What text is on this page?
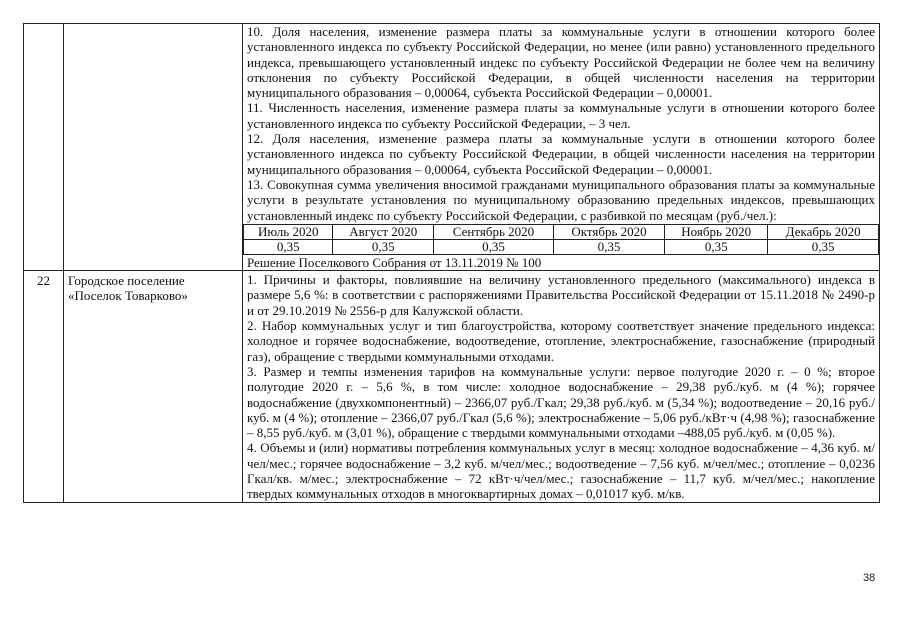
10. Доля населения, изменение размера платы за коммунальные услуги в отношении которого более установленного индекса по субъекту Российской Федерации, но менее (или равно) установленного предельного индекса, превышающего установленный индекс по субъекту Российской Федерации не более чем на величину отклонения по субъекту Российской Федерации, в общей численности населения на территории муниципального образования – 0,00064, субъекта Российской Федерации – 0,00001.
11. Численность населения, изменение размера платы за коммунальные услуги в отношении которого более установленного индекса по субъекту Российской Федерации, – 3 чел.
12. Доля населения, изменение размера платы за коммунальные услуги в отношении которого более установленного индекса по субъекту Российской Федерации, в общей численности населения на территории муниципального образования – 0,00064, субъекта Российской Федерации – 0,00001.
13. Совокупная сумма увеличения вносимой гражданами муниципального образования платы за коммунальные услуги в результате установления по муниципальному образованию предельных индексов, превышающих установленный индекс по субъекту Российской Федерации, с разбивкой по месяцам (руб./чел.):
Июль 2020	Август 2020	Сентябрь 2020	Октябрь 2020	Ноябрь 2020	Декабрь 2020
0,35	0,35	0,35	0,35	0,35	0,35
Решение Поселкового Собрания от 13.11.2019 № 100

22	Городское поселение
«Поселок Товарково»

1. Причины и факторы, повлиявшие на величину установленного предельного (максимального) индекса в размере 5,6 %: в соответствии с распоряжениями Правительства Российской Федерации от 15.11.2018 № 2490-р и от 29.10.2019 № 2556-р для Калужской области.
2. Набор коммунальных услуг и тип благоустройства, которому соответствует значение предельного индекса: холодное и горячее водоснабжение, водоотведение, отопление, электроснабжение, газоснабжение (природный газ), обращение с твердыми коммунальными отходами.
3. Размер и темпы изменения тарифов на коммунальные услуги: первое полугодие 2020 г. – 0 %; второе полугодие 2020 г. – 5,6 %, в том числе: холодное водоснабжение – 29,38 руб./куб. м (4 %); горячее водоснабжение (двухкомпонентный) – 2366,07 руб./Гкал; 29,38 руб./куб. м (5,34 %); водоотведение – 20,16 руб./куб. м (4 %); отопление – 2366,07 руб./Гкал (5,6 %); электроснабжение – 5,06 руб./кВт·ч (4,98 %); газоснабжение – 8,55 руб./куб. м (3,01 %), обращение с твердыми коммунальными отходами –488,05 руб./куб. м (0,05 %).
4. Объемы и (или) нормативы потребления коммунальных услуг в месяц: холодное водоснабжение – 4,36 куб. м/чел/мес.; горячее водоснабжение – 3,2 куб. м/чел/мес.; водоотведение – 7,56 куб. м/чел/мес.; отопление – 0,0236 Гкал/кв. м/мес.; электроснабжение – 72 кВт·ч/чел/мес.; газоснабжение – 11,7 куб. м/чел/мес.; накопление твердых коммунальных отходов в многоквартирных домах – 0,01017 куб. м/кв.
38
